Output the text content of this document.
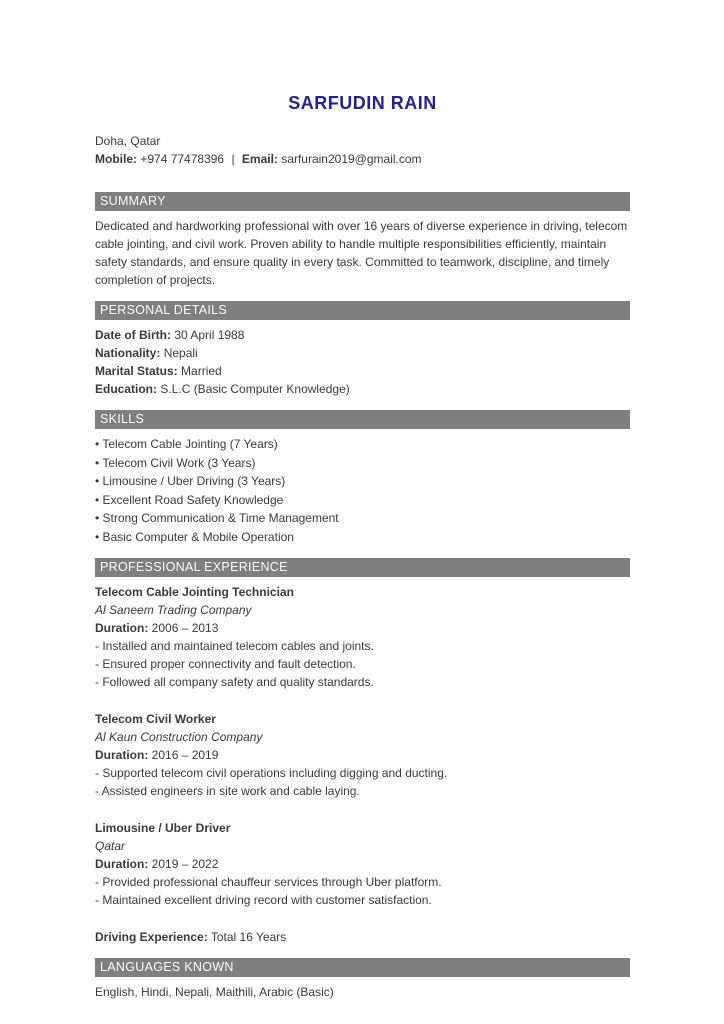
SARFUDIN RAIN
Doha, Qatar
Mobile: +974 77478396 | Email: sarfurain2019@gmail.com
SUMMARY

Dedicated and hardworking professional with over 16 years of diverse experience in driving, telecom cable jointing, and civil work. Proven ability to handle multiple responsibilities efficiently, maintain safety standards, and ensure quality in every task. Committed to teamwork, discipline, and timely completion of projects.

PERSONAL DETAILS
Date of Birth: 30 April 1988
Nationality: Nepali
Marital Status: Married
Education: S.L.C (Basic Computer Knowledge)
SKILLS
• Telecom Cable Jointing (7 Years)
• Telecom Civil Work (3 Years)
• Limousine / Uber Driving (3 Years)
• Excellent Road Safety Knowledge
• Strong Communication & Time Management
• Basic Computer & Mobile Operation
PROFESSIONAL EXPERIENCE
Telecom Cable Jointing Technician
Al Saneem Trading Company
Duration: 2006 – 2013
- Installed and maintained telecom cables and joints.
- Ensured proper connectivity and fault detection.
- Followed all company safety and quality standards.
Telecom Civil Worker
Al Kaun Construction Company
Duration: 2016 – 2019
- Supported telecom civil operations including digging and ducting.
- Assisted engineers in site work and cable laying.
Limousine / Uber Driver
Qatar
Duration: 2019 – 2022
- Provided professional chauffeur services through Uber platform.
- Maintained excellent driving record with customer satisfaction.
Driving Experience: Total 16 Years
LANGUAGES KNOWN
English, Hindi, Nepali, Maithili, Arabic (Basic)
